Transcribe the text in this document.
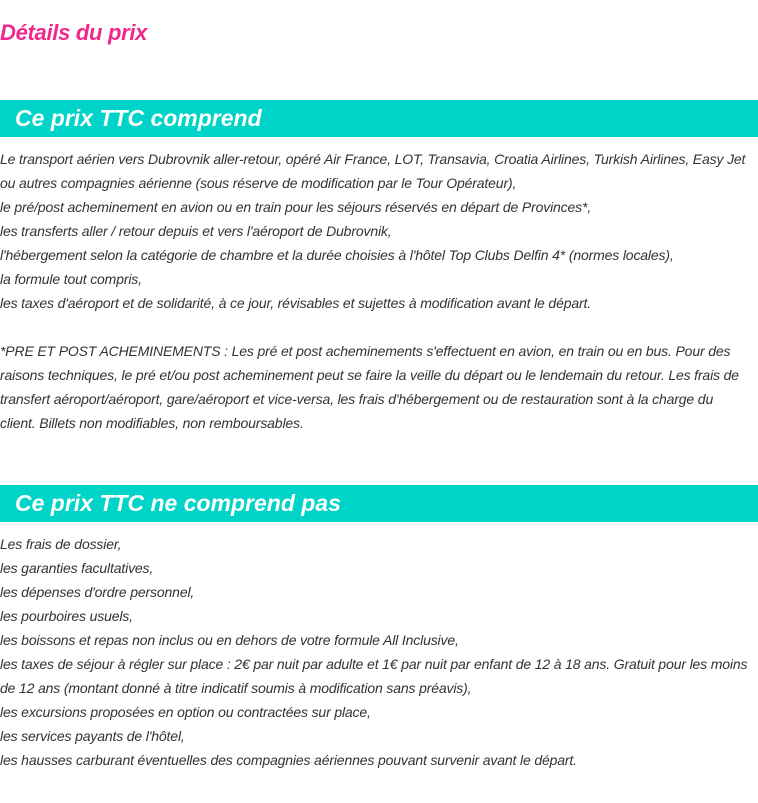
Détails du prix
Ce prix TTC comprend
Le transport aérien vers Dubrovnik aller-retour, opéré Air France, LOT, Transavia, Croatia Airlines, Turkish Airlines, Easy Jet ou autres compagnies aérienne (sous réserve de modification par le Tour Opérateur),
le pré/post acheminement en avion ou en train pour les séjours réservés en départ de Provinces*,
les transferts aller / retour depuis et vers l'aéroport de Dubrovnik,
l'hébergement selon la catégorie de chambre et la durée choisies à l'hôtel Top Clubs Delfin 4* (normes locales),
la formule tout compris,
les taxes d'aéroport et de solidarité, à ce jour, révisables et sujettes à modification avant le départ.

*PRE ET POST ACHEMINEMENTS : Les pré et post acheminements s'effectuent en avion, en train ou en bus. Pour des raisons techniques, le pré et/ou post acheminement peut se faire la veille du départ ou le lendemain du retour. Les frais de transfert aéroport/aéroport, gare/aéroport et vice-versa, les frais d'hébergement ou de restauration sont à la charge du client. Billets non modifiables, non remboursables.

Ce prix TTC ne comprend pas
Les frais de dossier,
les garanties facultatives,
les dépenses d'ordre personnel,
les pourboires usuels,
les boissons et repas non inclus ou en dehors de votre formule All Inclusive,
les taxes de séjour à régler sur place : 2€ par nuit par adulte et 1€ par nuit par enfant de 12 à 18 ans. Gratuit pour les moins de 12 ans (montant donné à titre indicatif soumis à modification sans préavis),
les excursions proposées en option ou contractées sur place,
les services payants de l'hôtel,
les hausses carburant éventuelles des compagnies aériennes pouvant survenir avant le départ.
